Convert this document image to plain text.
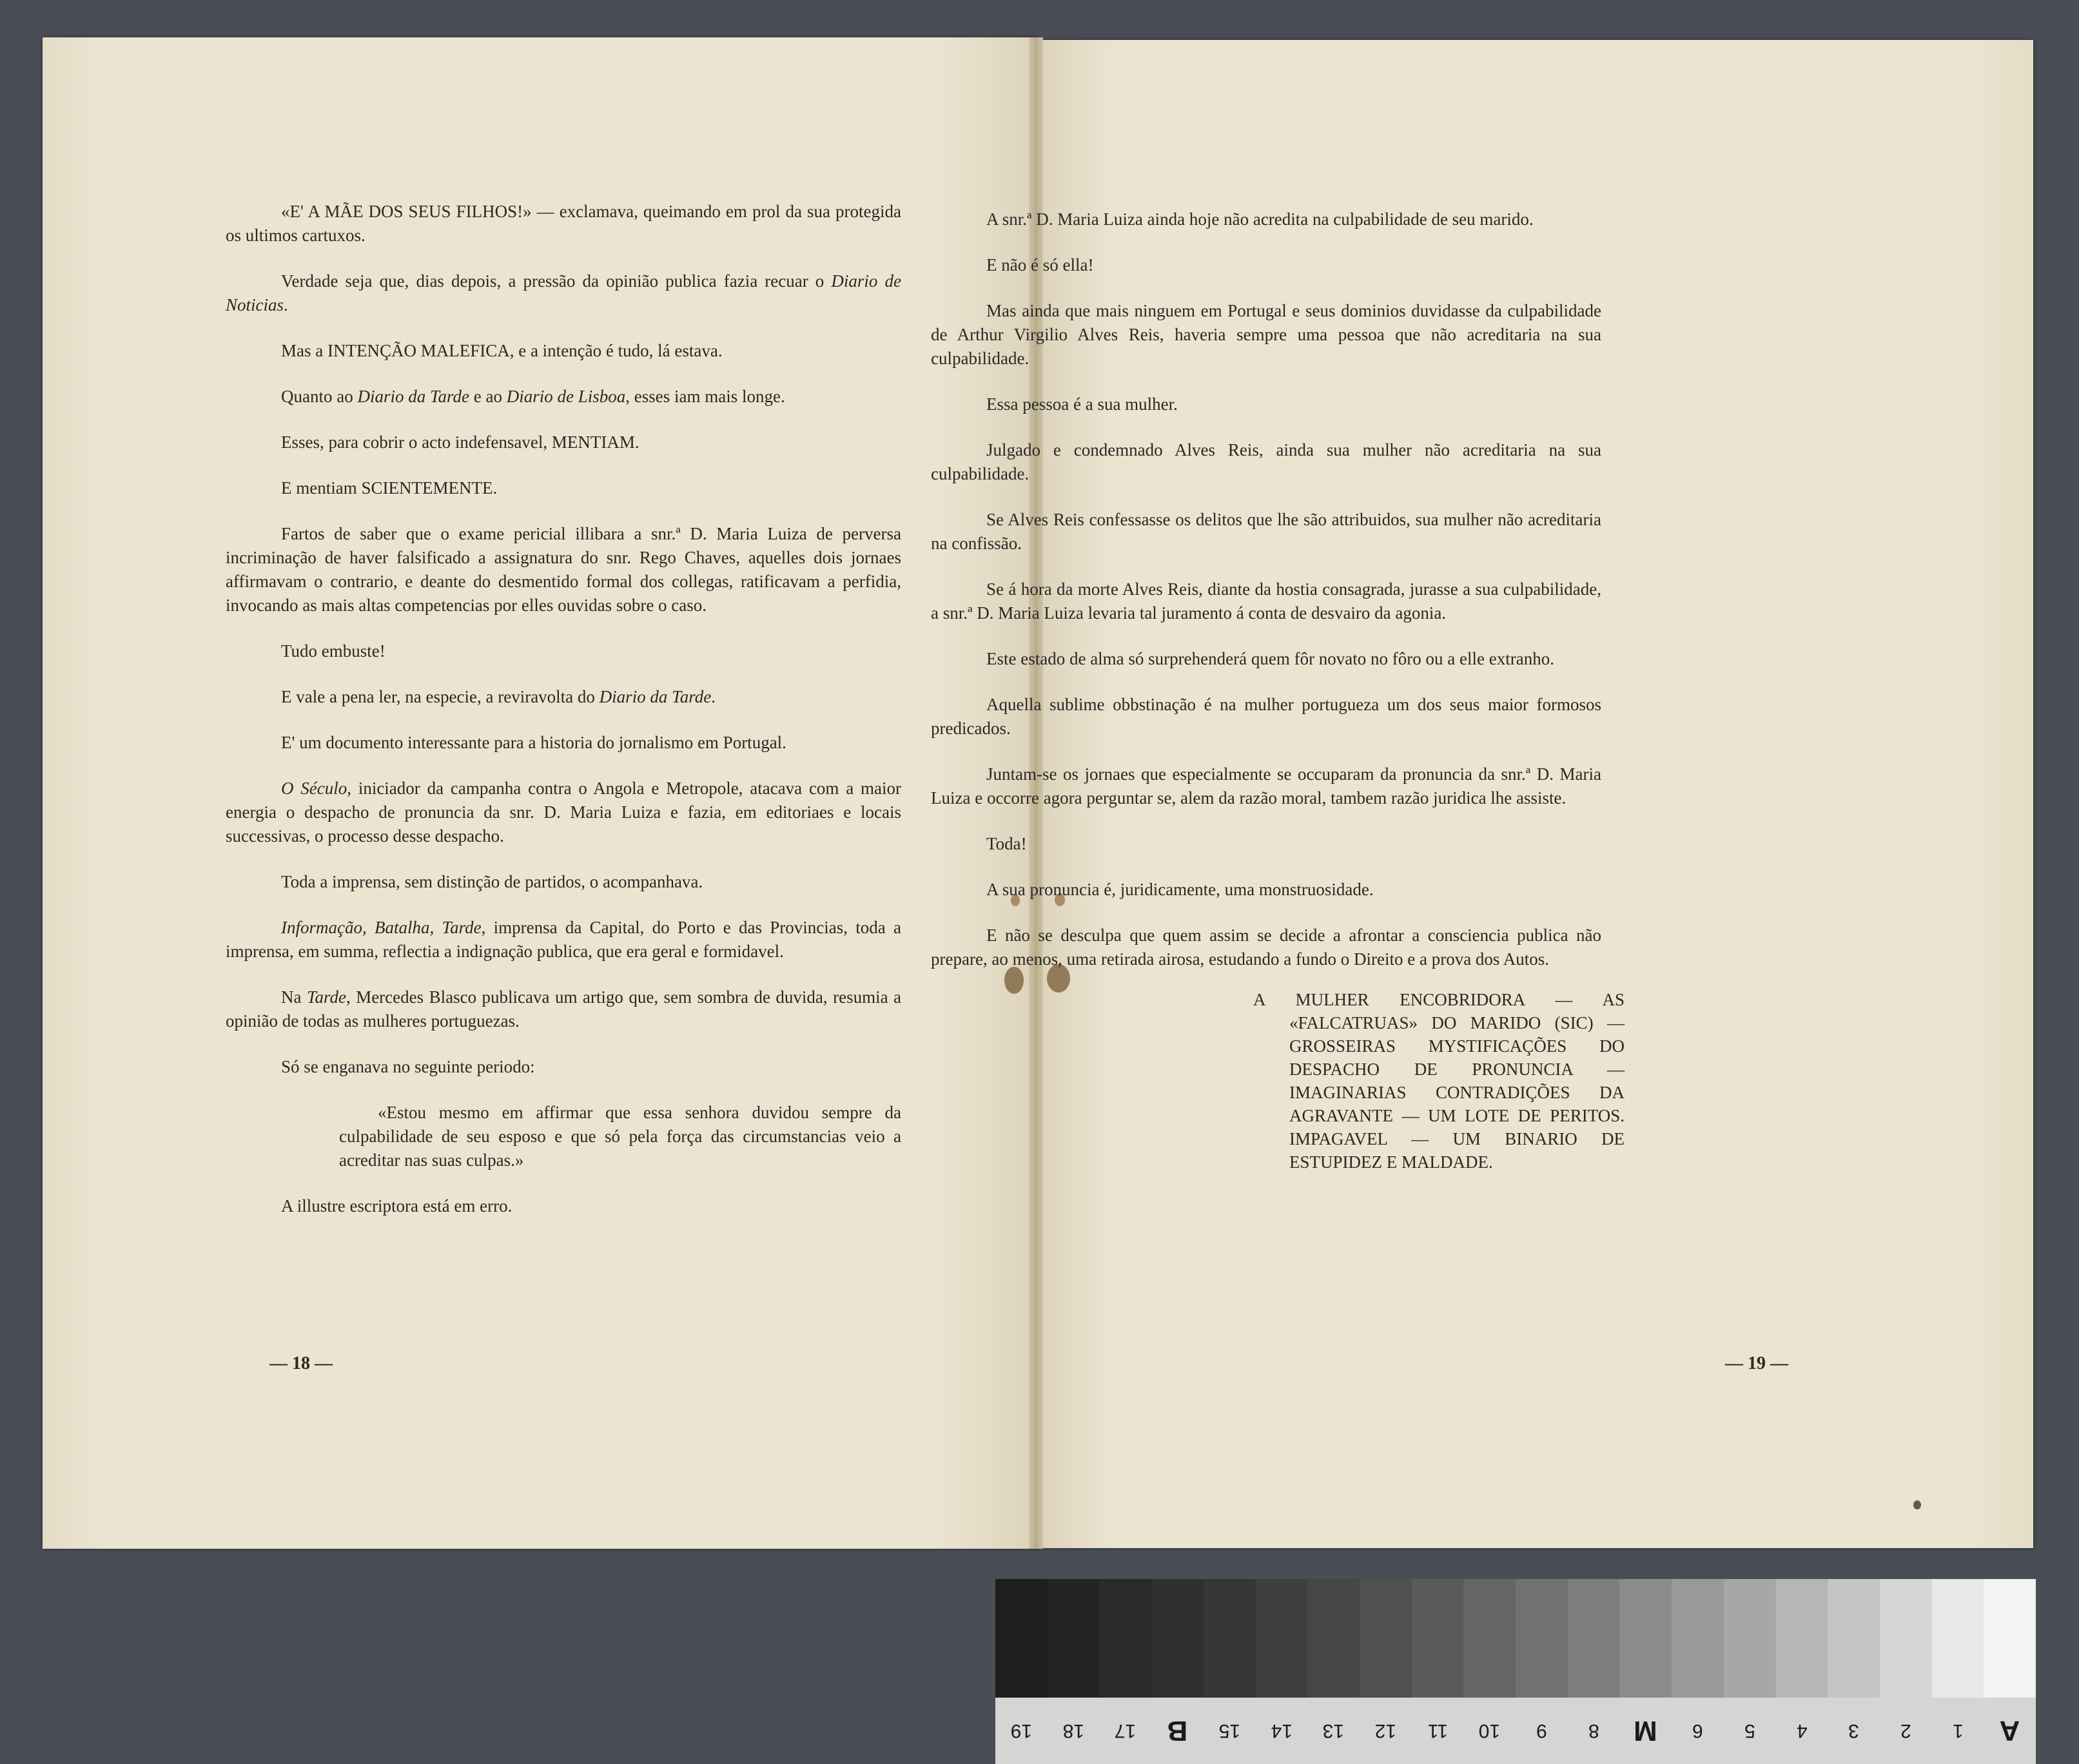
«E' A MÃE DOS SEUS FILHOS!» — exclamava, queimando em prol da sua protegida os ultimos cartuxos.

Verdade seja que, dias depois, a pressão da opinião publica fazia recuar o Diario de Noticias.

Mas a INTENÇÃO MALEFICA, e a intenção é tudo, lá estava.

Quanto ao Diario da Tarde e ao Diario de Lisboa, esses iam mais longe.

Esses, para cobrir o acto indefensavel, MENTIAM.

E mentiam SCIENTEMENTE.

Fartos de saber que o exame pericial illibara a snr.ª D. Maria Luiza de perversa incriminação de haver falsificado a assignatura do snr. Rego Chaves, aquelles dois jornaes affirmavam o contrario, e deante do desmentido formal dos collegas, ratificavam a perfidia, invocando as mais altas competencias por elles ouvidas sobre o caso.

Tudo embuste!

E vale a pena ler, na especie, a reviravolta do Diario da Tarde.

E' um documento interessante para a historia do jornalismo em Portugal.

O Século, iniciador da campanha contra o Angola e Metropole, atacava com a maior energia o despacho de pronuncia da snr. D. Maria Luiza e fazia, em editoriaes e locais successivas, o processo desse despacho.

Toda a imprensa, sem distinção de partidos, o acompanhava.

Informação, Batalha, Tarde, imprensa da Capital, do Porto e das Provincias, toda a imprensa, em summa, reflectia a indignação publica, que era geral e formidavel.

Na Tarde, Mercedes Blasco publicava um artigo que, sem sombra de duvida, resumia a opinião de todas as mulheres portuguezas.

Só se enganava no seguinte periodo:

«Estou mesmo em affirmar que essa senhora duvidou sempre da culpabilidade de seu esposo e que só pela força das circumstancias veio a acreditar nas suas culpas.»

A illustre escriptora está em erro.

— 18 —

A snr.ª D. Maria Luiza ainda hoje não acredita na culpabilidade de seu marido.

E não é só ella!

Mas ainda que mais ninguem em Portugal e seus dominios duvidasse da culpabilidade de Arthur Virgilio Alves Reis, haveria sempre uma pessoa que não acreditaria na sua culpabilidade.

Essa pessoa é a sua mulher.

Julgado e condemnado Alves Reis, ainda sua mulher não acreditaria na sua culpabilidade.

Se Alves Reis confessasse os delitos que lhe são attribuidos, sua mulher não acreditaria na confissão.

Se á hora da morte Alves Reis, diante da hostia consagrada, jurasse a sua culpabilidade, a snr.ª D. Maria Luiza levaria tal juramento á conta de desvairo da agonia.

Este estado de alma só surprehenderá quem fôr novato no fôro ou a elle extranho.

Aquella sublime obbstinação é na mulher portugueza um dos seus maior formosos predicados.

Juntam-se os jornaes que especialmente se occuparam da pronuncia da snr.ª D. Maria Luiza e occorre agora perguntar se, alem da razão moral, tambem razão juridica lhe assiste.

Toda!

A sua pronuncia é, juridicamente, uma monstruosidade.

E não se desculpa que quem assim se decide a afrontar a consciencia publica não prepare, ao menos, uma retirada airosa, estudando a fundo o Direito e a prova dos Autos.

A MULHER ENCOBRIDORA — AS «FALCATRUAS» DO MARIDO (SIC) — GROSSEIRAS MYSTIFICAÇÕES DO DESPACHO DE PRONUNCIA — IMAGINARIAS CONTRADIÇÕES DA AGRAVANTE — UM LOTE DE PERITOS. IMPAGAVEL — UM BINARIO DE ESTUPIDEZ E MALDADE.
— 19 —
19	18	17	B	15	14	13	12	11	10	9	8	M	6	5	4	3	2	1	A
